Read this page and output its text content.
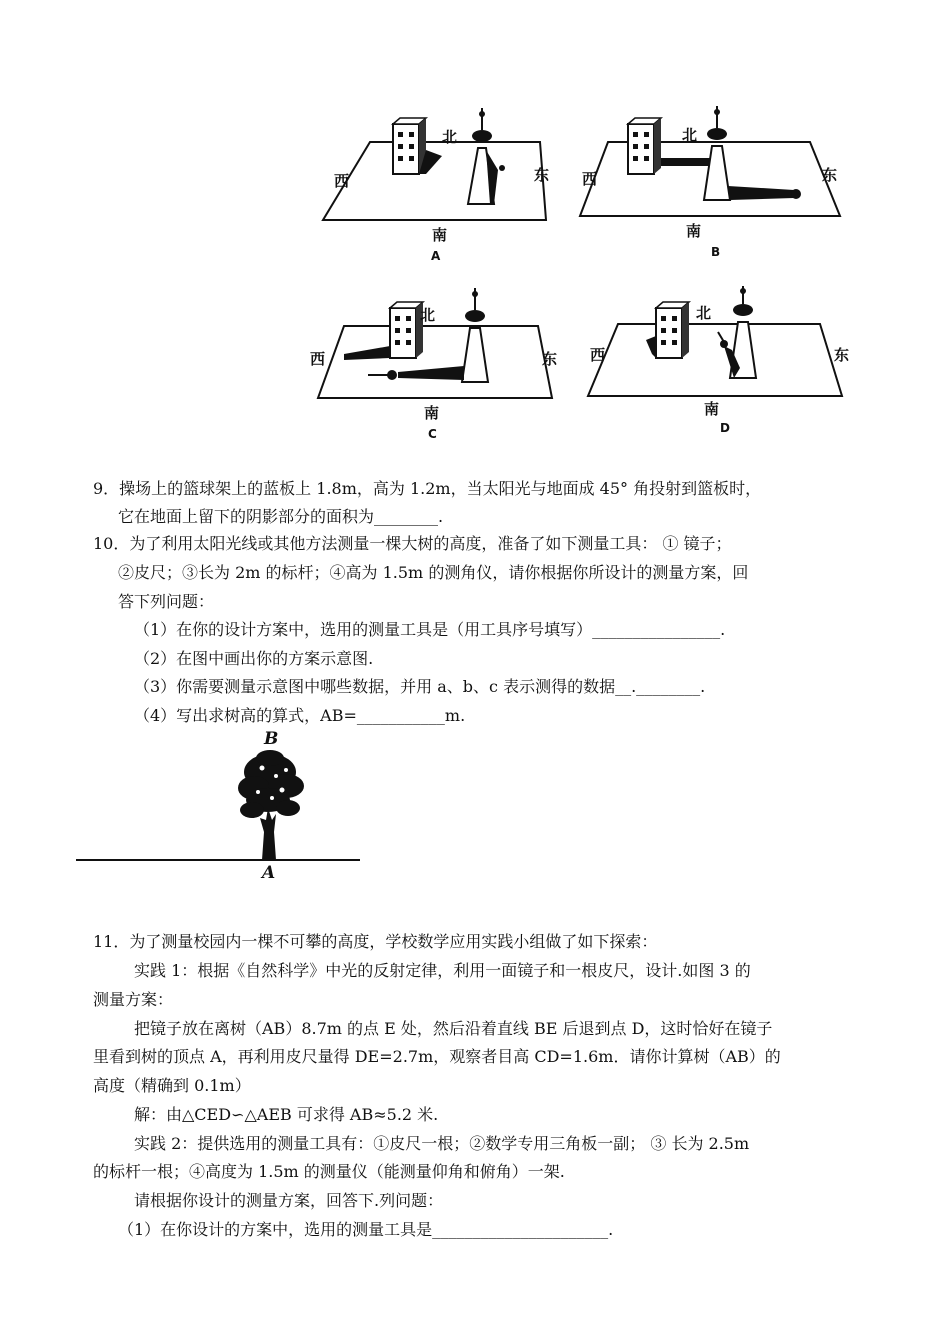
北
西	东
南
A
北
西	东
南
B
北
西	东
南
C
北
西	东
南
D
9．操场上的篮球架上的蓝板上 1.8m，高为 1.2m，当太阳光与地面成 45° 角投射到篮板时，
它在地面上留下的阴影部分的面积为________.
10．为了利用太阳光线或其他方法测量一棵大树的高度，准备了如下测量工具： ① 镜子；
②皮尺；③长为 2m 的标杆；④高为 1.5m 的测角仪，请你根据你所设计的测量方案，回
答下列问题：
（1）在你的设计方案中，选用的测量工具是（用工具序号填写）________________.
（2）在图中画出你的方案示意图.
（3）你需要测量示意图中哪些数据，并用 a、b、c 表示测得的数据__.________.
（4）写出求树高的算式，AB=___________m.
B
A
11．为了测量校园内一棵不可攀的高度，学校数学应用实践小组做了如下探索：
实践 1：根据《自然科学》中光的反射定律，利用一面镜子和一根皮尺，设计.如图 3 的
测量方案：
把镜子放在离树（AB）8.7m 的点 E 处，然后沿着直线 BE 后退到点 D，这时恰好在镜子
里看到树的顶点 A，再利用皮尺量得 DE=2.7m，观察者目高 CD=1.6m．请你计算树（AB）的
高度（精确到 0.1m）
解：由△CED∽△AEB 可求得 AB≈5.2 米.
实践 2：提供选用的测量工具有：①皮尺一根；②数学专用三角板一副； ③ 长为 2.5m
的标杆一根；④高度为 1.5m 的测量仪（能测量仰角和俯角）一架.
请根据你设计的测量方案，回答下.列问题：
（1）在你设计的方案中，选用的测量工具是______________________.
